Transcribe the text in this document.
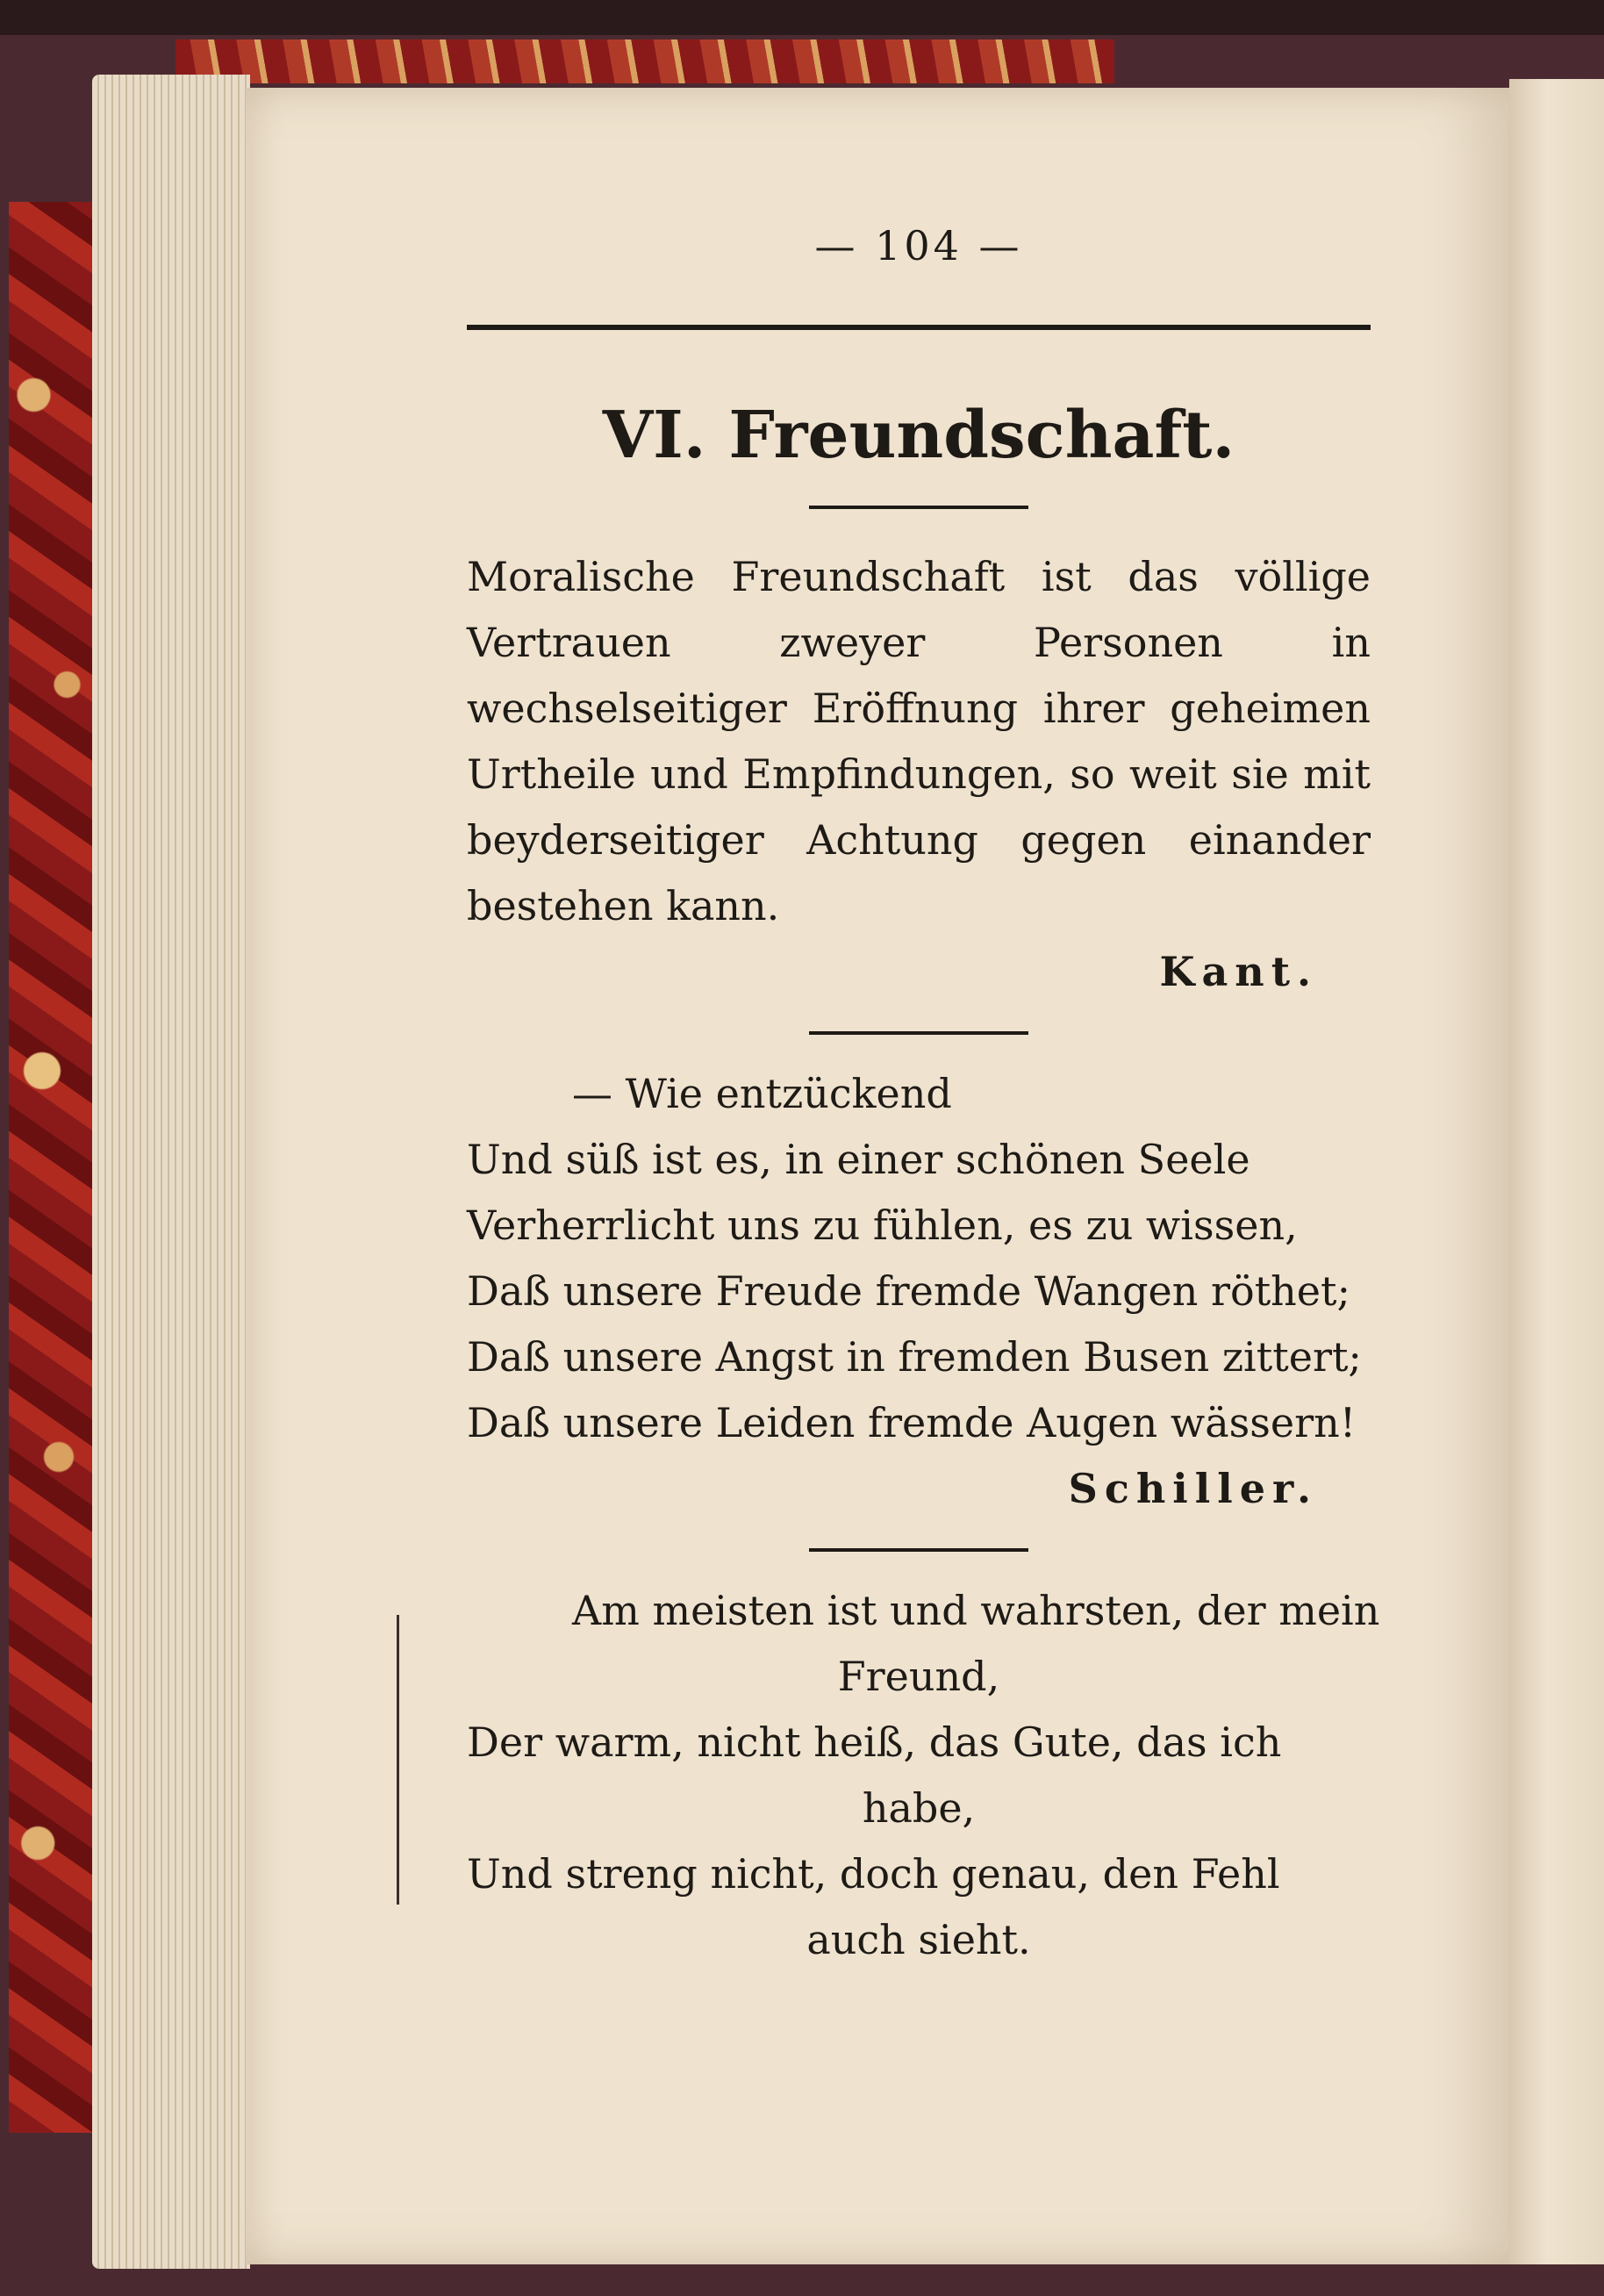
— 104 —

VI. Freundschaft.
Moralische Freundschaft ist das völlige Vertrauen zweyer Personen in wechselseitiger Eröffnung ihrer geheimen Urtheile und Empfindungen, so weit sie mit beyderseitiger Achtung gegen einander bestehen kann.
Kant.
— Wie entzückend
Und süß ist es, in einer schönen Seele
Verherrlicht uns zu fühlen, es zu wissen,
Daß unsere Freude fremde Wangen röthet;
Daß unsere Angst in fremden Busen zittert;
Daß unsere Leiden fremde Augen wässern!
Schiller.
Am meisten ist und wahrsten, der mein
Freund,
Der warm, nicht heiß, das Gute, das ich
habe,
Und streng nicht, doch genau, den Fehl
auch sieht.
